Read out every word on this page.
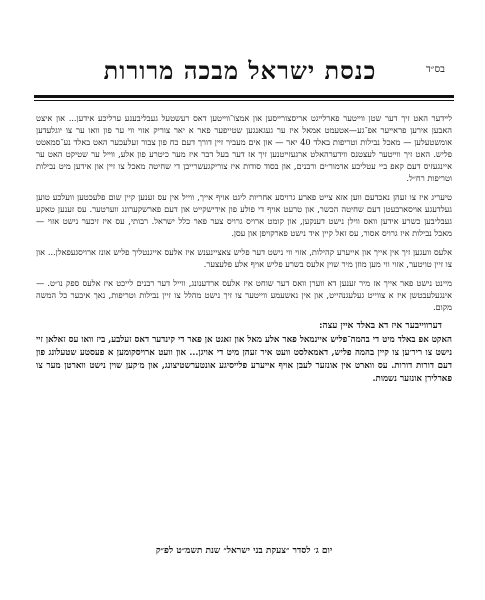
בס״ד
כנסת ישראל מבכה מרורות

לײדער האט זיך דער שטן װײטער פארלײגט אריסצורײסען און אמצו־װײטען דאס רעשטעל געבליבענע ערליכע אידען... און איצט האבען אירען פראײער אפ־גע—אטעמט אמאל איז ער געגאנגען שטייפער פאר א יאר צוריק אזוי ווי ער פון וואו ער צו יוגלעדען אומשטעלען — מאכל נבילות וטריפות באלד 40 יאר — און אים מעביר זײן דורך דעם כח פון צבור זעלעכער האט באלד נע־סמאטט פליש. האט זיך װײטער לעצטנס װידערהאלט ארגעזײטנען זיך אז דער בעל דבר איז מער כיטרע פון אלע, װײל ער שטיקט האט ער איינגעזיס דעם קאפ ביי עטליכע אדמור׳ים ורבנים, און בסוד סודות איז צוריקגעשרייבן די שחיטה מאכל צו זײן און אידען מיט נבילות וטריפות רח״ל.

טיעריג איז צו זעהן נאכדעם ווען אזא צייט פארע גרויסע אחריות ליגט אויף אייך, ווייל אין עס זענען קיין שום פלעכטען וועלכע טוען געלדעגע אויסארבעטן דעם שחיטה הכשר, און טרעט אויף די פולע פון אידישקייט און דעם פארשקערונג ווערטער. עס זענען טאקע געבליבען כשרע אידען וואס ווילן נישט דענקען, און קומט ארויס גרויס צער פאר כלל ישראל. רבותי, עס איז זיכער נישט אזוי — מאכל נבילות איז גרויס אסור, עס זאל קיין איד נישט פארקויפן און עסן.

אלעס וועגען זיך אין אייך און אייערע קהילות, אזוי ווי נישט דער פליש צאציינענש איז אלעס אייגנטליך פליש אונז ארויסגעפאלן... און צו זיין טויטער, אזוי ווי מען מוזן מיר שוין אלעס בשרע פליש אויף אלע פלעצער.

מיינט נישט פאר אייך אז מיר זענען דא ווערן וואס דער שוחט איז אלעס ארדענונג, ווייל דער רבנים לייכט איז אלעס ספק נו״ט. — אינגעלעבטשן איז א צווייט געלעגנהייט, און אין נאשעמע ווייטער צו זיך נישט מהלל צו זיין נבילות וטריפות, נאך איבער כל המשה מקום.

דערװײבער איז דא באלד איין עצה:

האקט אפ באלד מיט די בהמה־פליש איינמאל פאר אלע מאל און זאגט אן פאר די קינדער דאס זעלבע, ביז וואו עס זאלאן זיי נישט צו ריר׳ען צו קיין בהמה פליש, דאמאלסט וועט איר זעהן מיט די אויגן... און וועט ארויסקומען א פעסטע שטעלונג פון דעם דורות דורות. עס ווארט אין אונזער לעבן אויף אייערע פלייסיגע אונטערשטיצונג, און מ׳קען שוין נישט ווארטן מער צו פארלירן אונזער נשמות.

יום ג׳ לסדר ״צעקת בני ישראל״ שנת תשמ״ט לפ״ק
